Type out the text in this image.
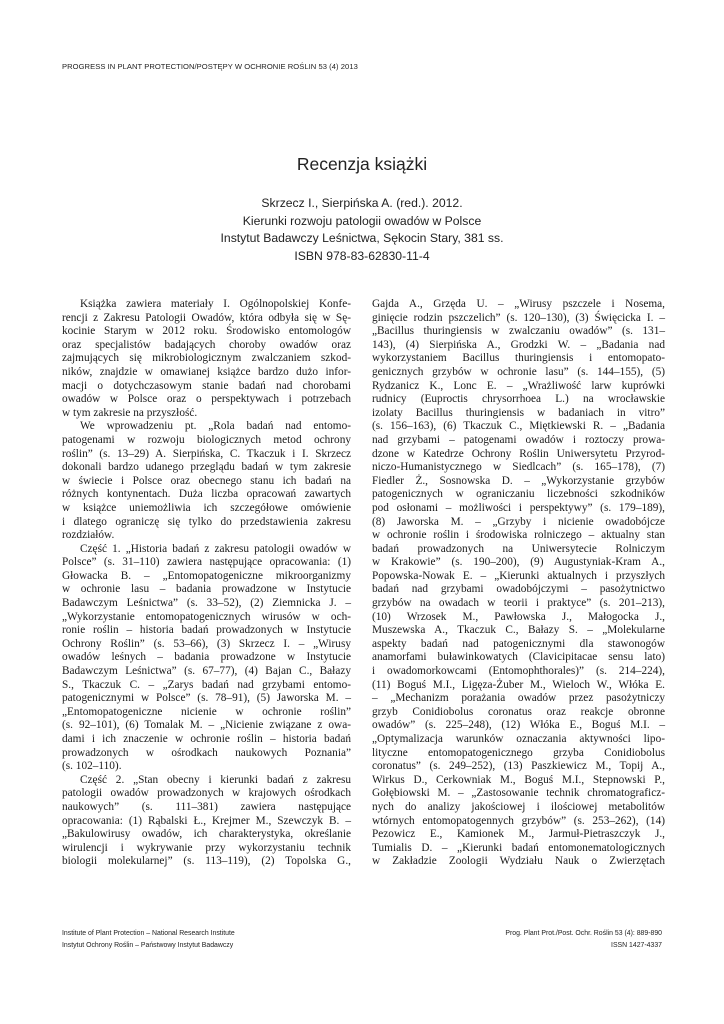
PROGRESS IN PLANT PROTECTION/POSTĘPY W OCHRONIE ROŚLIN 53 (4) 2013
Recenzja książki
Skrzecz I., Sierpińska A. (red.). 2012.
Kierunki rozwoju patologii owadów w Polsce
Instytut Badawczy Leśnictwa, Sękocin Stary, 381 ss.
ISBN 978-83-62830-11-4
Książka zawiera materiały I. Ogólnopolskiej Konfe-
rencji z Zakresu Patologii Owadów, która odbyła się w Sę-
kocinie Starym w 2012 roku. Środowisko entomologów
oraz specjalistów badających choroby owadów oraz
zajmujących się mikrobiologicznym zwalczaniem szkod-
ników, znajdzie w omawianej książce bardzo dużo infor-
macji o dotychczasowym stanie badań nad chorobami
owadów w Polsce oraz o perspektywach i potrzebach
w tym zakresie na przyszłość.
We wprowadzeniu pt. „Rola badań nad entomo-
patogenami w rozwoju biologicznych metod ochrony
roślin” (s. 13–29) A. Sierpińska, C. Tkaczuk i I. Skrzecz
dokonali bardzo udanego przeglądu badań w tym zakresie
w świecie i Polsce oraz obecnego stanu ich badań na
różnych kontynentach. Duża liczba opracowań zawartych
w książce uniemożliwia ich szczegółowe omówienie
i dlatego ograniczę się tylko do przedstawienia zakresu
rozdziałów.
Część 1. „Historia badań z zakresu patologii owadów w
Polsce” (s. 31–110) zawiera następujące opracowania: (1)
Głowacka B. – „Entomopatogeniczne mikroorganizmy
w ochronie lasu – badania prowadzone w Instytucie
Badawczym Leśnictwa” (s. 33–52), (2) Ziemnicka J. –
„Wykorzystanie entomopatogenicznych wirusów w och-
ronie roślin – historia badań prowadzonych w Instytucie
Ochrony Roślin” (s. 53–66), (3) Skrzecz I. – „Wirusy
owadów leśnych – badania prowadzone w Instytucie
Badawczym Leśnictwa” (s. 67–77), (4) Bajan C., Bałazy
S., Tkaczuk C. – „Zarys badań nad grzybami entomo-
patogenicznymi w Polsce” (s. 78–91), (5) Jaworska M. –
„Entomopatogeniczne nicienie w ochronie roślin”
(s. 92–101), (6) Tomalak M. – „Nicienie związane z owa-
dami i ich znaczenie w ochronie roślin – historia badań
prowadzonych w ośrodkach naukowych Poznania”
(s. 102–110).
Część 2. „Stan obecny i kierunki badań z zakresu
patologii owadów prowadzonych w krajowych ośrodkach
naukowych” (s. 111–381) zawiera następujące
opracowania: (1) Rąbalski Ł., Krejmer M., Szewczyk B. –
„Bakulowirusy owadów, ich charakterystyka, określanie
wirulencji i wykrywanie przy wykorzystaniu technik
biologii molekularnej” (s. 113–119), (2) Topolska G.,
Gajda A., Grzęda U. – „Wirusy pszczele i Nosema,
ginięcie rodzin pszczelich” (s. 120–130), (3) Święcicka I. –
„Bacillus thuringiensis w zwalczaniu owadów” (s. 131–
143), (4) Sierpińska A., Grodzki W. – „Badania nad
wykorzystaniem Bacillus thuringiensis i entomopato-
genicznych grzybów w ochronie lasu” (s. 144–155), (5)
Rydzanicz K., Lonc E. – „Wrażliwość larw kuprówki
rudnicy (Euproctis chrysorrhoea L.) na wrocławskie
izolaty Bacillus thuringiensis w badaniach in vitro”
(s. 156–163), (6) Tkaczuk C., Miętkiewski R. – „Badania
nad grzybami – patogenami owadów i roztoczy prowa-
dzone w Katedrze Ochrony Roślin Uniwersytetu Przyrod-
niczo-Humanistycznego w Siedlcach” (s. 165–178), (7)
Fiedler Ż., Sosnowska D. – „Wykorzystanie grzybów
patogenicznych w ograniczaniu liczebności szkodników
pod osłonami – możliwości i perspektywy” (s. 179–189),
(8) Jaworska M. – „Grzyby i nicienie owadobójcze
w ochronie roślin i środowiska rolniczego – aktualny stan
badań prowadzonych na Uniwersytecie Rolniczym
w Krakowie” (s. 190–200), (9) Augustyniak-Kram A.,
Popowska-Nowak E. – „Kierunki aktualnych i przyszłych
badań nad grzybami owadobójczymi – pasożytnictwo
grzybów na owadach w teorii i praktyce” (s. 201–213),
(10) Wrzosek M., Pawłowska J., Małogocka J.,
Muszewska A., Tkaczuk C., Bałazy S. – „Molekularne
aspekty badań nad patogenicznymi dla stawonogów
anamorfami buławinkowatych (Clavicipitacae sensu lato)
i owadomorkowcami (Entomophthorales)” (s. 214–224),
(11) Boguś M.I., Ligęza-Żuber M., Wieloch W., Włóka E.
– „Mechanizm porażania owadów przez pasożytniczy
grzyb Conidiobolus coronatus oraz reakcje obronne
owadów” (s. 225–248), (12) Włóka E., Boguś M.I. –
„Optymalizacja warunków oznaczania aktywności lipo-
lityczne entomopatogenicznego grzyba Conidiobolus
coronatus” (s. 249–252), (13) Paszkiewicz M., Topij A.,
Wirkus D., Cerkowniak M., Boguś M.I., Stepnowski P.,
Gołębiowski M. – „Zastosowanie technik chromatograficz-
nych do analizy jakościowej i ilościowej metabolitów
wtórnych entomopatogennych grzybów” (s. 253–262), (14)
Pezowicz E., Kamionek M., Jarmuł-Pietraszczyk J.,
Tumialis D. – „Kierunki badań entomonematologicznych
w Zakładzie Zoologii Wydziału Nauk o Zwierzętach
Institute of Plant Protection – National Research Institute
Instytut Ochrony Roślin – Państwowy Instytut Badawczy
Prog. Plant Prot./Post. Ochr. Roślin 53 (4): 889-890
ISSN 1427-4337
